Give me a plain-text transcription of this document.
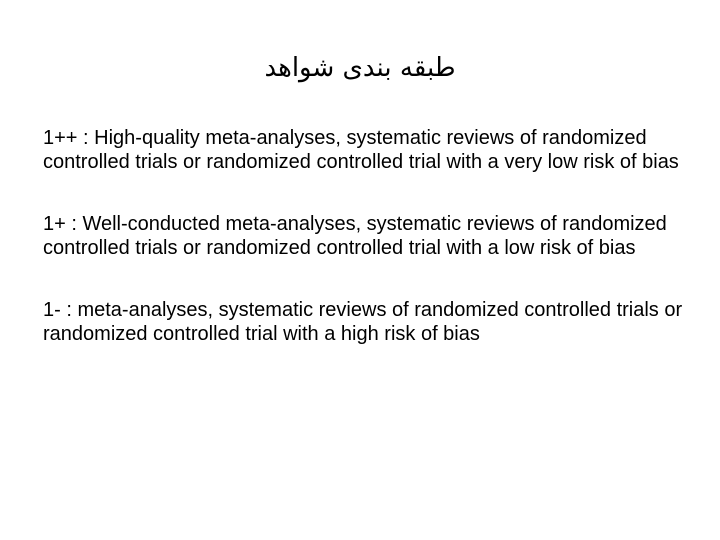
طبقه بندی شواهد
1++ : High-quality meta-analyses, systematic reviews of randomized controlled trials or randomized controlled trial with a very low risk of bias
1+ : Well-conducted meta-analyses, systematic reviews of randomized controlled trials or randomized controlled trial with a low risk of bias
1- : meta-analyses, systematic reviews of randomized controlled trials or randomized controlled trial with a high risk of bias
